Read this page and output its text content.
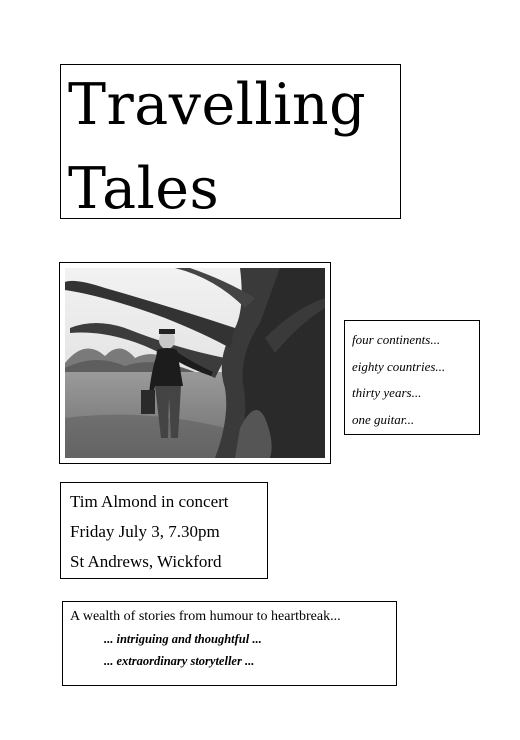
Travelling
Tales
four continents...
eighty countries...
thirty years...
one guitar...
Tim Almond in concert
Friday July 3, 7.30pm
St Andrews, Wickford
A wealth of stories from humour to heartbreak...
... intriguing and thoughtful ...
... extraordinary storyteller ...
